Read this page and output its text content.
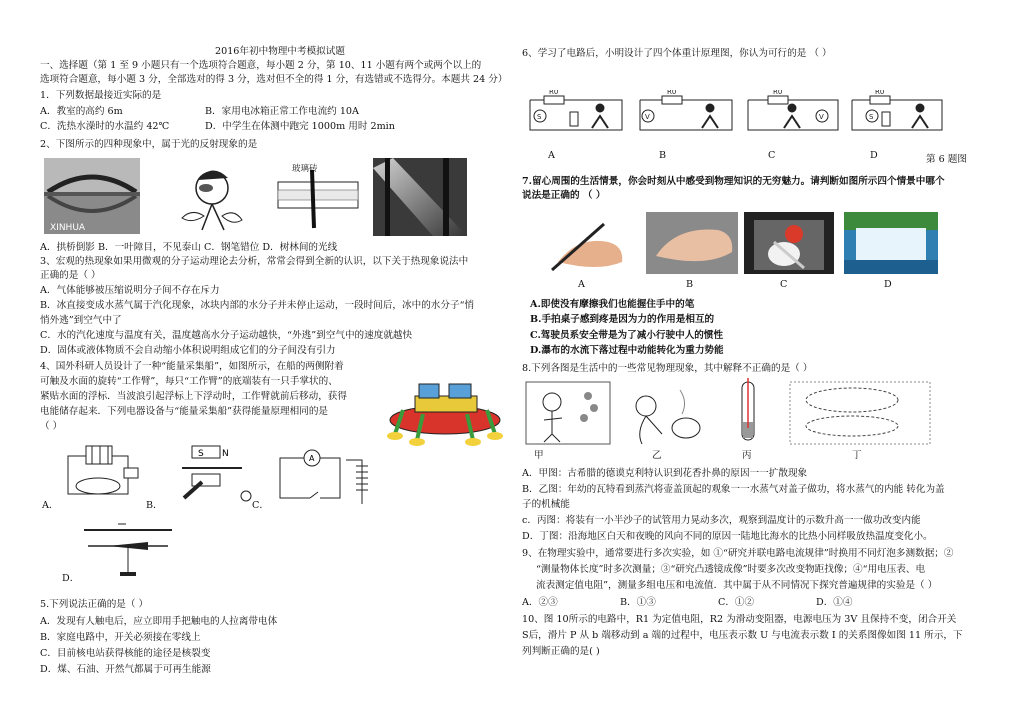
2016年初中物理中考模拟试题
一、选择题（第 1 至 9 小题只有一个选项符合题意，每小题 2 分，第 10、11 小题有两个或两个以上的
选项符合题意，每小题 3 分，全部选对的得 3 分，选对但不全的得 1 分，有选错或不选得分。本题共 24 分）
1．下列数据最接近实际的是
A．教室的高约 6m	B．家用电冰箱正常工作电流约 10A
C．洗热水澡时的水温约 42℃	D．中学生在体测中跑完 1000m 用时 2min
2、下图所示的四种现象中，属于光的反射现象的是
XINHUA
玻璃砖
A．拱桥倒影 B．一叶障目，不见泰山 C．钢笔错位 D．树林间的光线
3、宏观的热现象如果用微观的分子运动理论去分析，常常会得到全新的认识，以下关于热现象说法中
正确的是（ ）
A．气体能够被压缩说明分子间不存在斥力
B．冰直接变成水蒸气属于汽化现象，冰块内部的水分子并未停止运动，一段时间后，冰中的水分子“悄
悄外逃”到空气中了
C．水的汽化速度与温度有关，温度越高水分子运动越快，“外逃”到空气中的速度就越快
D．固体或液体物质不会自动缩小体积说明组成它们的分子间没有引力
4、国外科研人员设计了一种“能量采集船”，如图所示，在船的两侧附着
可触及水面的旋转“工作臂”，每只“工作臂”的底端装有一只手掌状的、
紧贴水面的浮标．当波浪引起浮标上下浮动时，工作臂就前后移动，获得
电能储存起来．下列电器设备与“能量采集船”获得能量原理相同的是
（ ）
A．
S N
B．
A
C．
D．
5.下列说法正确的是（ ）
A．发现有人触电后，应立即用手把触电的人拉离带电体
B．家庭电路中，开关必须接在零线上
C．目前核电站获得核能的途径是核裂变
D．煤、石油、开然气都属于可再生能源
6、学习了电路后，小明设计了四个体重计原理图，你认为可行的是 （ ）
R0	R0	R0	R0
S	V	V	S
A	B	C	D	第 6 题图
7.留心周围的生活情景，你会时刻从中感受到物理知识的无穷魅力。请判断如图所示四个情景中哪个
说法是正确的 （ ）
A	B	C	D
A.即使没有摩擦我们也能握住手中的笔
B.手拍桌子感到疼是因为力的作用是相互的
C.驾驶员系安全带是为了减小行驶中人的惯性
D.瀑布的水流下落过程中动能转化为重力势能
8.下列各图是生活中的一些常见物理现象，其中解释不正确的是（ ）
甲	乙	丙	丁
A．甲图：古希腊的德谟克利特认识到花香扑鼻的原因一一扩散现象
B．乙图：年幼的瓦特看到蒸汽将壶盖顶起的观象一一水蒸气对盖子做功，将水蒸气的内能 转化为盖
子的机械能
c．丙图：将装有一小半沙子的试管用力晃动多次，观察到温度计的示数升高一一做功改变内能
D．丁图：沿海地区白天和夜晚的风向不同的原因一陆地比海水的比热小同样吸放热温度变化小。
9、在物理实验中，通常要进行多次实验，如 ①“研究并联电路电流规律”时换用不同灯泡多测数据；②
“测量物体长度”时多次测量；③“研究凸透镜成像”时要多次改变物距找像；④“用电压表、电
流表测定值电阻”，测量多组电压和电流值．其中属于从不同情况下探究普遍规律的实验是（ ）
A．②③	B．①③	C．①②	D．①④
10、图 10所示的电路中，R1 为定值电阻，R2 为滑动变阻器，电源电压为 3V 且保持不变，闭合开关
S后，滑片 P 从 b 端移动到 a 端的过程中，电压表示数 U 与电流表示数 I 的关系图像如图 11 所示，下
列判断正确的是( )
